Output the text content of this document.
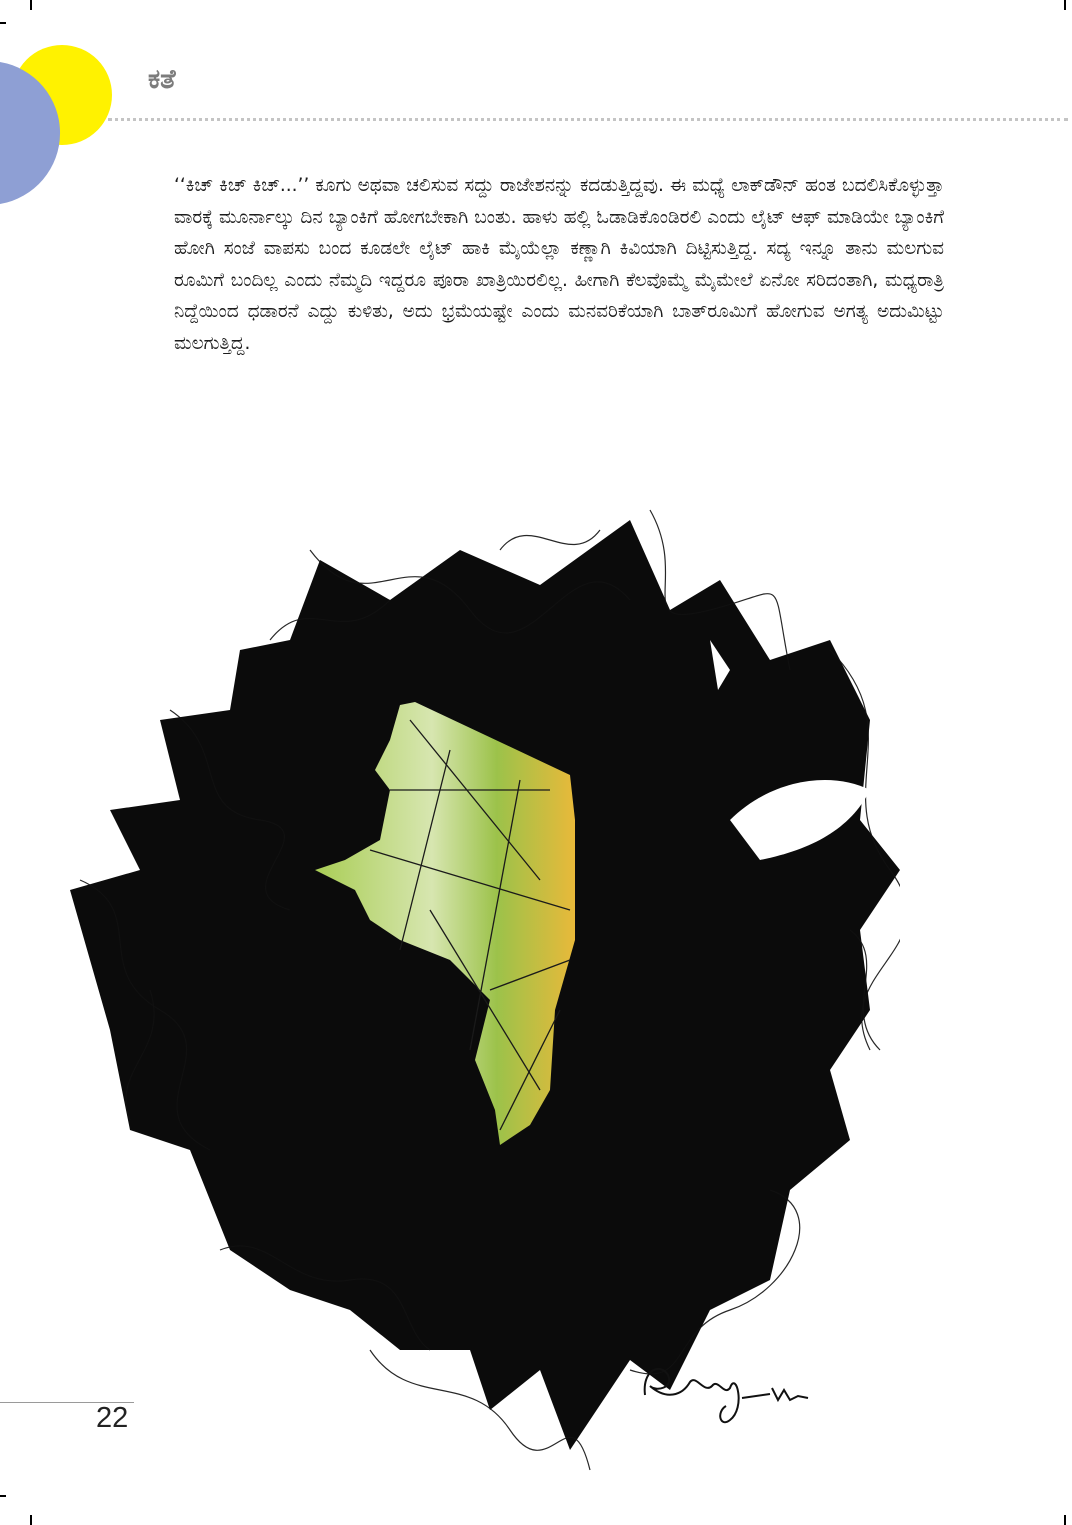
ಕತೆ

‘‘ಕಿಚ್ ಕಿಚ್ ಕಿಚ್...’’ ಕೂಗು ಅಥವಾ ಚಲಿಸುವ ಸದ್ದು ರಾಜೇಶನನ್ನು ಕದಡುತ್ತಿದ್ದವು. ಈ ಮಧ್ಯೆ ಲಾಕ್‌ಡೌನ್ ಹಂತ ಬದಲಿಸಿಕೊಳ್ಳುತ್ತಾ ವಾರಕ್ಕೆ ಮೂರ್ನಾಲ್ಕು ದಿನ ಬ್ಯಾಂಕಿಗೆ ಹೋಗಬೇಕಾಗಿ ಬಂತು. ಹಾಳು ಹಲ್ಲಿ ಓಡಾಡಿಕೊಂಡಿರಲಿ ಎಂದು ಲೈಟ್ ಆಫ್ ಮಾಡಿಯೇ ಬ್ಯಾಂಕಿಗೆ ಹೋಗಿ ಸಂಜೆ ವಾಪಸು ಬಂದ ಕೂಡಲೇ ಲೈಟ್ ಹಾಕಿ ಮೈಯೆಲ್ಲಾ ಕಣ್ಣಾಗಿ ಕಿವಿಯಾಗಿ ದಿಟ್ಟಿಸುತ್ತಿದ್ದ. ಸದ್ಯ ಇನ್ನೂ ತಾನು ಮಲಗುವ ರೂಮಿಗೆ ಬಂದಿಲ್ಲ ಎಂದು ನೆಮ್ಮದಿ ಇದ್ದರೂ ಪೂರಾ ಖಾತ್ರಿಯಿರಲಿಲ್ಲ. ಹೀಗಾಗಿ ಕೆಲವೊಮ್ಮೆ ಮೈಮೇಲೆ ಏನೋ ಸರಿದಂತಾಗಿ, ಮಧ್ಯರಾತ್ರಿ ನಿದ್ದೆಯಿಂದ ಧಡಾರನೆ ಎದ್ದು ಕುಳಿತು, ಅದು ಭ್ರಮೆಯಷ್ಟೇ ಎಂದು ಮನವರಿಕೆಯಾಗಿ ಬಾತ್‌ರೂಮಿಗೆ ಹೋಗುವ ಅಗತ್ಯ ಅದುಮಿಟ್ಟು ಮಲಗುತ್ತಿದ್ದ.

22
